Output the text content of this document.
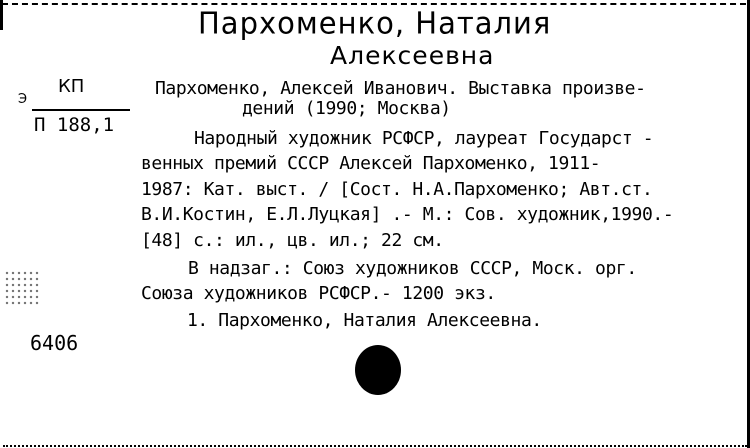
Пархоменко, Наталия
Алексеевна
Э
КП
П 188,1
Пархоменко, Алексей Иванович. Выставка произве-
дений (1990; Москва)
Народный художник РСФСР, лауреат Государст -
венных премий СССР Алексей Пархоменко, 1911-
1987: Кат. выст. / [Сост. Н.А.Пархоменко; Авт.ст.
В.И.Костин, Е.Л.Луцкая] .- М.: Сов. художник,1990.-
[48] с.: ил., цв. ил.; 22 см.
В надзаг.: Союз художников СССР, Моск. орг.
Союза художников РСФСР.- 1200 экз.
1. Пархоменко, Наталия Алексеевна.
6406
